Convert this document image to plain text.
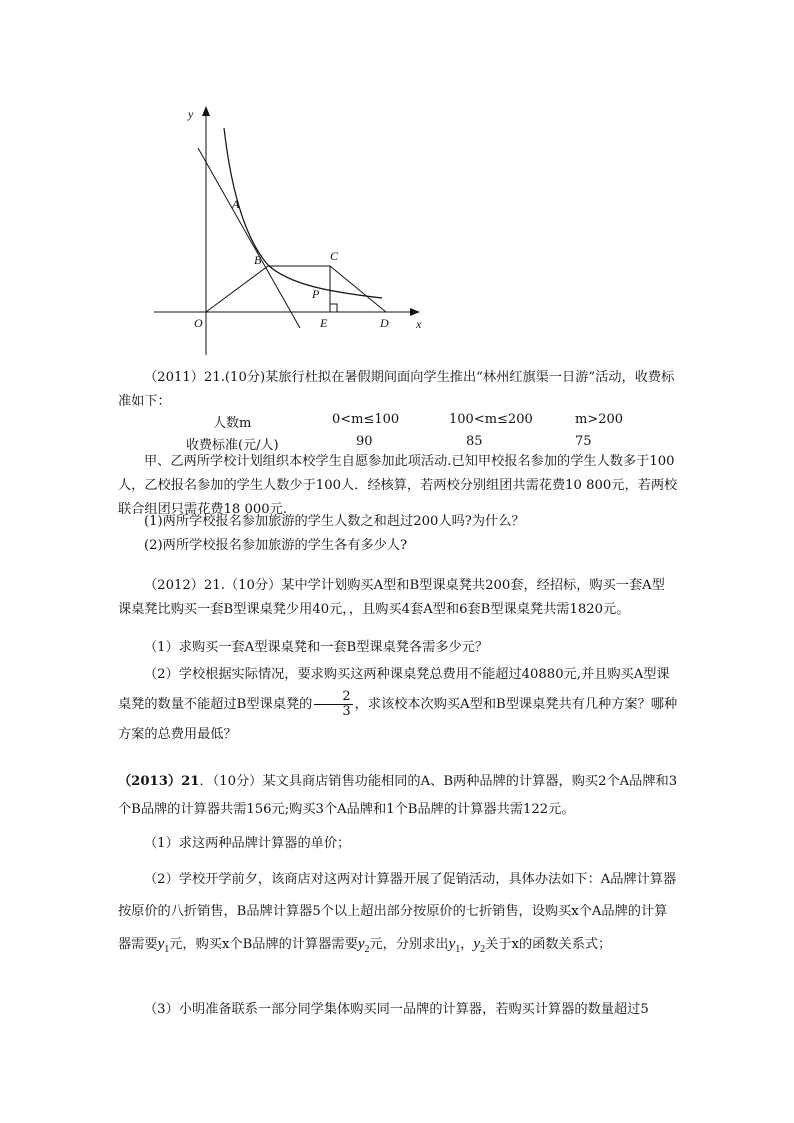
y
x
O
A
B	C
P
E	D
（2011）21.(10分)某旅行杜拟在暑假期间面向学生推出“林州红旗渠一日游”活动，收费标准如下：
人数m	0<m≤100	100<m≤200	m>200
收费标准(元/人)	90	85	75
甲、乙两所学校计划组织本校学生自愿参加此项活动.已知甲校报名参加的学生人数多于100人，乙校报名参加的学生人数少于100人．经核算，若两校分别组团共需花费10 800元，若两校联合组团只需花费18 000元.
(1)两所学校报名参加旅游的学生人数之和赳过200人吗?为什么？
(2)两所学校报名参加旅游的学生各有多少人?
（2012）21.（10分）某中学计划购买A型和B型课桌凳共200套，经招标，购买一套A型课桌凳比购买一套B型课桌凳少用40元，，且购买4套A型和6套B型课桌凳共需1820元。
（1）求购买一套A型课桌凳和一套B型课桌凳各需多少元？
（2）学校根据实际情况，要求购买这两种课桌凳总费用不能超过40880元,并且购买A型课桌凳的数量不能超过B型课桌凳的 $\frac{2}{3}$ ，求该校本次购买A型和B型课桌凳共有几种方案？哪种方案的总费用最低？
（2013）21．（10分）某文具商店销售功能相同的A、B两种品牌的计算器，购买2个A品牌和3个B品牌的计算器共需156元;购买3个A品牌和1个B品牌的计算器共需122元。
（1）求这两种品牌计算器的单价；
（2）学校开学前夕，该商店对这两对计算器开展了促销活动，具体办法如下：A品牌计算器按原价的八折销售，B品牌计算器5个以上超出部分按原价的七折销售，设购买x个A品牌的计算器需要$y_1$元，购买x个B品牌的计算器需要$y_2$元，分别求出$y_1$，$y_2$关于x的函数关系式；
（3）小明准备联系一部分同学集体购买同一品牌的计算器，若购买计算器的数量超过5
